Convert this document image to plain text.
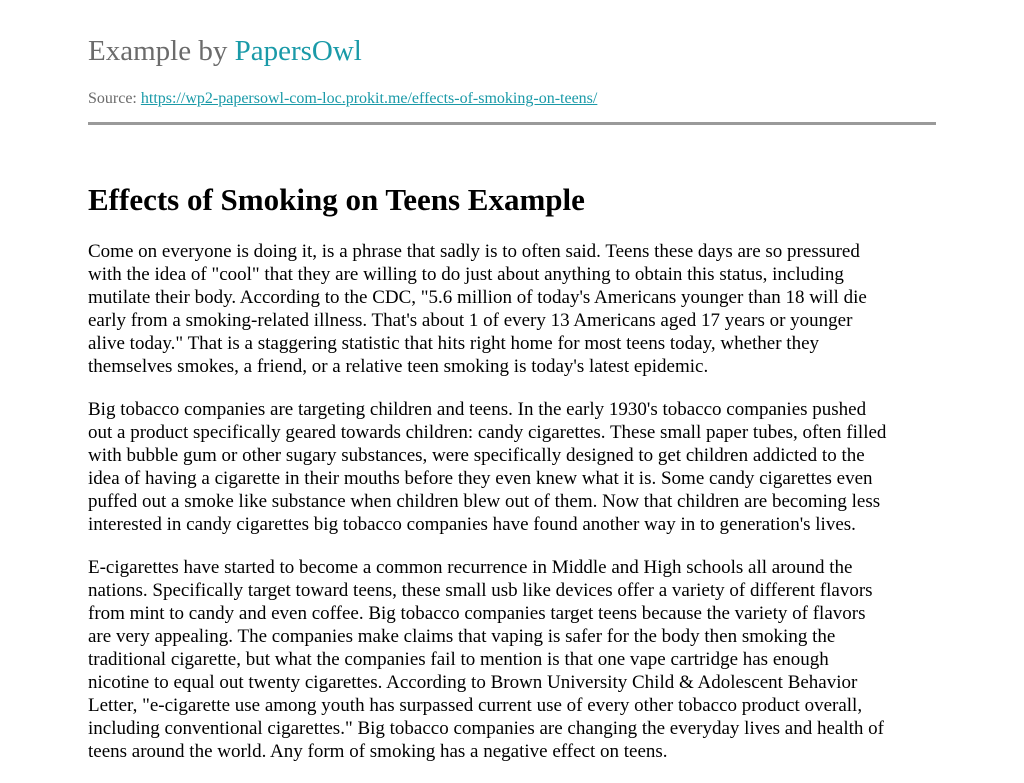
Example by PapersOwl

Source: https://wp2-papersowl-com-loc.prokit.me/effects-of-smoking-on-teens/

Effects of Smoking on Teens Example

Come on everyone is doing it, is a phrase that sadly is to often said. Teens these days are so pressured
with the idea of "cool" that they are willing to do just about anything to obtain this status, including
mutilate their body. According to the CDC, "5.6 million of today's Americans younger than 18 will die
early from a smoking-related illness. That's about 1 of every 13 Americans aged 17 years or younger
alive today." That is a staggering statistic that hits right home for most teens today, whether they
themselves smokes, a friend, or a relative teen smoking is today's latest epidemic.

Big tobacco companies are targeting children and teens. In the early 1930's tobacco companies pushed
out a product specifically geared towards children: candy cigarettes. These small paper tubes, often filled
with bubble gum or other sugary substances, were specifically designed to get children addicted to the
idea of having a cigarette in their mouths before they even knew what it is. Some candy cigarettes even
puffed out a smoke like substance when children blew out of them. Now that children are becoming less
interested in candy cigarettes big tobacco companies have found another way in to generation's lives.

E-cigarettes have started to become a common recurrence in Middle and High schools all around the
nations. Specifically target toward teens, these small usb like devices offer a variety of different flavors
from mint to candy and even coffee. Big tobacco companies target teens because the variety of flavors
are very appealing. The companies make claims that vaping is safer for the body then smoking the
traditional cigarette, but what the companies fail to mention is that one vape cartridge has enough
nicotine to equal out twenty cigarettes. According to Brown University Child & Adolescent Behavior
Letter, "e-cigarette use among youth has surpassed current use of every other tobacco product overall,
including conventional cigarettes." Big tobacco companies are changing the everyday lives and health of
teens around the world. Any form of smoking has a negative effect on teens.
